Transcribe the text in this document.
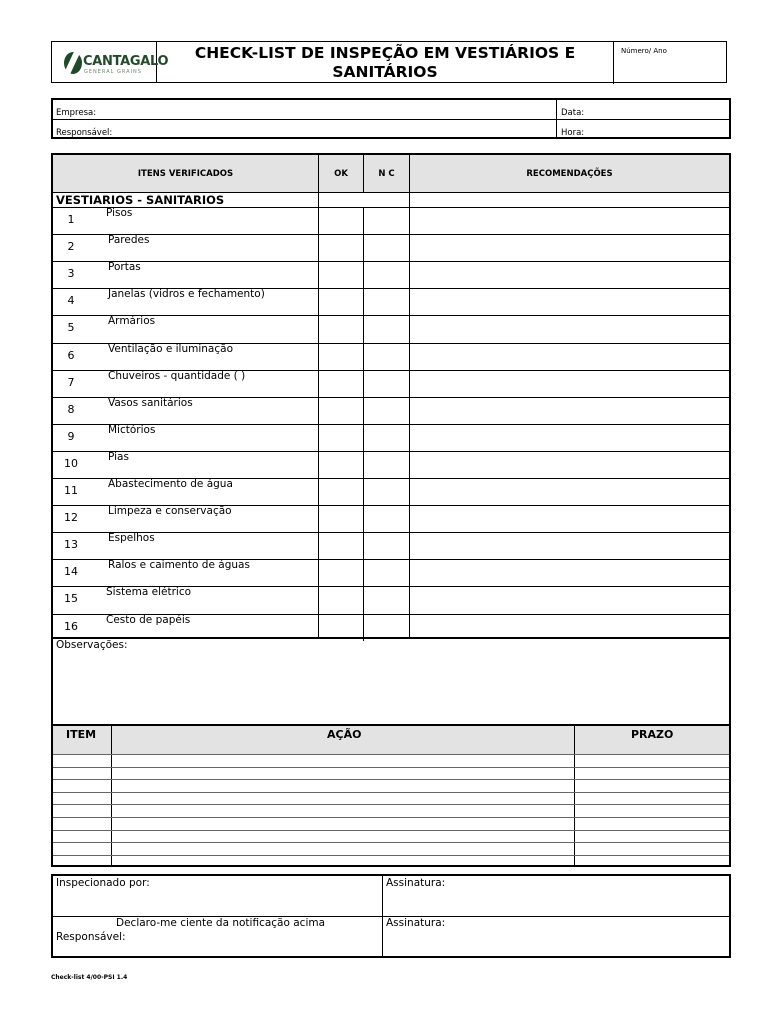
CANTAGALO
GENERAL GRAINS
CHECK-LIST DE INSPEÇÃO EM VESTIÁRIOS E
SANITÁRIOS
Número/ Ano
Empresa:	Data:
Responsável:	Hora:
ITENS VERIFICADOS	OK	N C	RECOMENDAÇÕES
VESTIARIOS - SANITARIOS
1	Pisos
2	Paredes
3	Portas
4	Janelas (vidros e fechamento)
5	Armários
6	Ventilação e iluminação
7	Chuveiros - quantidade ( )
8	Vasos sanitários
9	Mictórios
10	Pias
11	Abastecimento de água
12	Limpeza e conservação
13	Espelhos
14	Ralos e caimento de águas
15	Sistema elétrico
16	Cesto de papéis
Observações:
ITEM	AÇÃO	PRAZO
Inspecionado por:	Assinatura:
Declaro-me ciente da notificação acima
Responsável:
Assinatura:
Check-list 4/00-PSI 1.4
